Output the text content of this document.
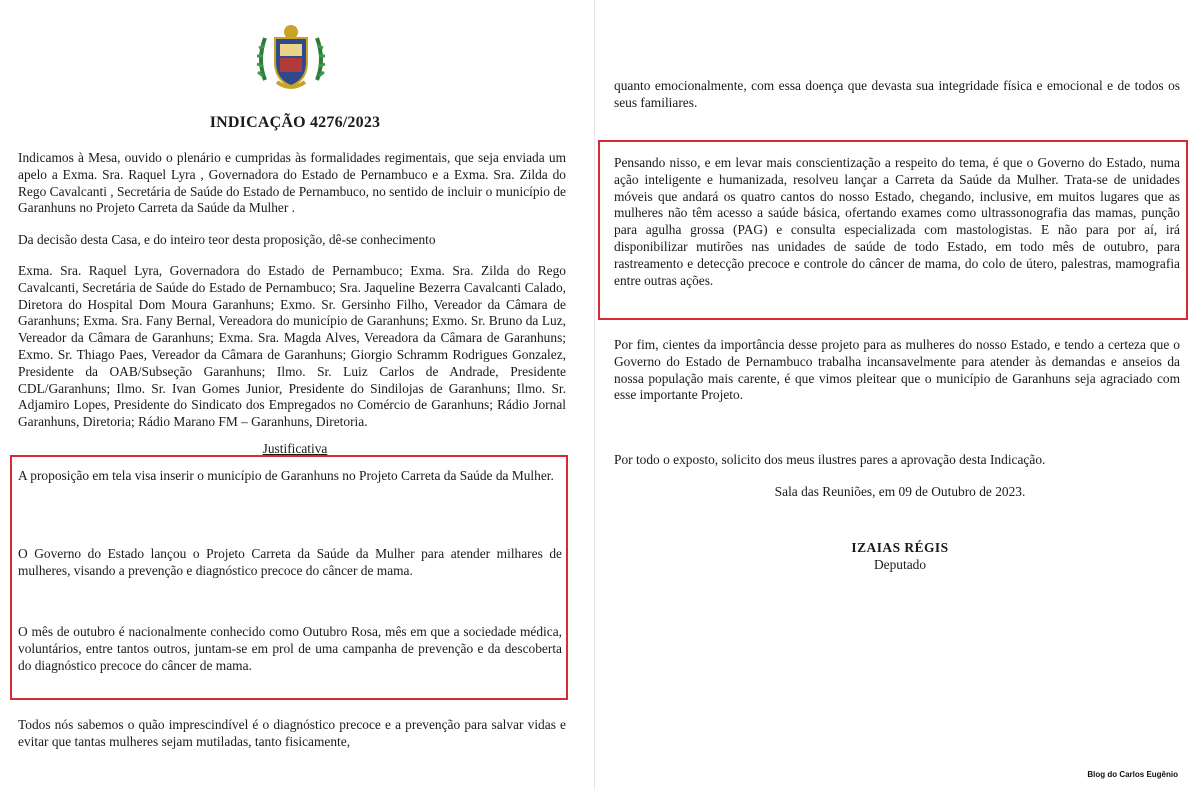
INDICAÇÃO 4276/2023

Indicamos à Mesa, ouvido o plenário e cumpridas às formalidades regimentais, que seja enviada um apelo a Exma. Sra. Raquel Lyra , Governadora do Estado de Pernambuco e a Exma. Sra. Zilda do Rego Cavalcanti , Secretária de Saúde do Estado de Pernambuco, no sentido de incluir o município de Garanhuns no Projeto Carreta da Saúde da Mulher .

Da decisão desta Casa, e do inteiro teor desta proposição, dê-se conhecimento

Exma. Sra. Raquel Lyra, Governadora do Estado de Pernambuco; Exma. Sra. Zilda do Rego Cavalcanti, Secretária de Saúde do Estado de Pernambuco; Sra. Jaqueline Bezerra Cavalcanti Calado, Diretora do Hospital Dom Moura Garanhuns; Exmo. Sr. Gersinho Filho, Vereador da Câmara de Garanhuns; Exma. Sra. Fany Bernal, Vereadora do município de Garanhuns; Exmo. Sr. Bruno da Luz, Vereador da Câmara de Garanhuns; Exma. Sra. Magda Alves, Vereadora da Câmara de Garanhuns; Exmo. Sr. Thiago Paes, Vereador da Câmara de Garanhuns; Giorgio Schramm Rodrigues Gonzalez, Presidente da OAB/Subseção Garanhuns; Ilmo. Sr. Luiz Carlos de Andrade, Presidente CDL/Garanhuns; Ilmo. Sr. Ivan Gomes Junior, Presidente do Sindilojas de Garanhuns; Ilmo. Sr. Adjamiro Lopes, Presidente do Sindicato dos Empregados no Comércio de Garanhuns; Rádio Jornal Garanhuns, Diretoria; Rádio Marano FM – Garanhuns, Diretoria.

Justificativa

A proposição em tela visa inserir o município de Garanhuns no Projeto Carreta da Saúde da Mulher.

O Governo do Estado lançou o Projeto Carreta da Saúde da Mulher para atender milhares de mulheres, visando a prevenção e diagnóstico precoce do câncer de mama.

O mês de outubro é nacionalmente conhecido como Outubro Rosa, mês em que a sociedade médica, voluntários, entre tantos outros, juntam-se em prol de uma campanha de prevenção e da descoberta do diagnóstico precoce do câncer de mama.

Todos nós sabemos o quão imprescindível é o diagnóstico precoce e a prevenção para salvar vidas e evitar que tantas mulheres sejam mutiladas, tanto fisicamente,

quanto emocionalmente, com essa doença que devasta sua integridade física e emocional e de todos os seus familiares.

Pensando nisso, e em levar mais conscientização a respeito do tema, é que o Governo do Estado, numa ação inteligente e humanizada, resolveu lançar a Carreta da Saúde da Mulher. Trata-se de unidades móveis que andará os quatro cantos do nosso Estado, chegando, inclusive, em muitos lugares que as mulheres não têm acesso a saúde básica, ofertando exames como ultrassonografia das mamas, punção para agulha grossa (PAG) e consulta especializada com mastologistas. E não para por aí, irá disponibilizar mutirões nas unidades de saúde de todo Estado, em todo mês de outubro, para rastreamento e detecção precoce e controle do câncer de mama, do colo de útero, palestras, mamografia entre outras ações.

Por fim, cientes da importância desse projeto para as mulheres do nosso Estado, e tendo a certeza que o Governo do Estado de Pernambuco trabalha incansavelmente para atender às demandas e anseios da nossa população mais carente, é que vimos pleitear que o município de Garanhuns seja agraciado com esse importante Projeto.

Por todo o exposto, solicito dos meus ilustres pares a aprovação desta Indicação.

Sala das Reuniões, em 09 de Outubro de 2023.
IZAIAS RÉGIS
Deputado
Blog do Carlos Eugênio
